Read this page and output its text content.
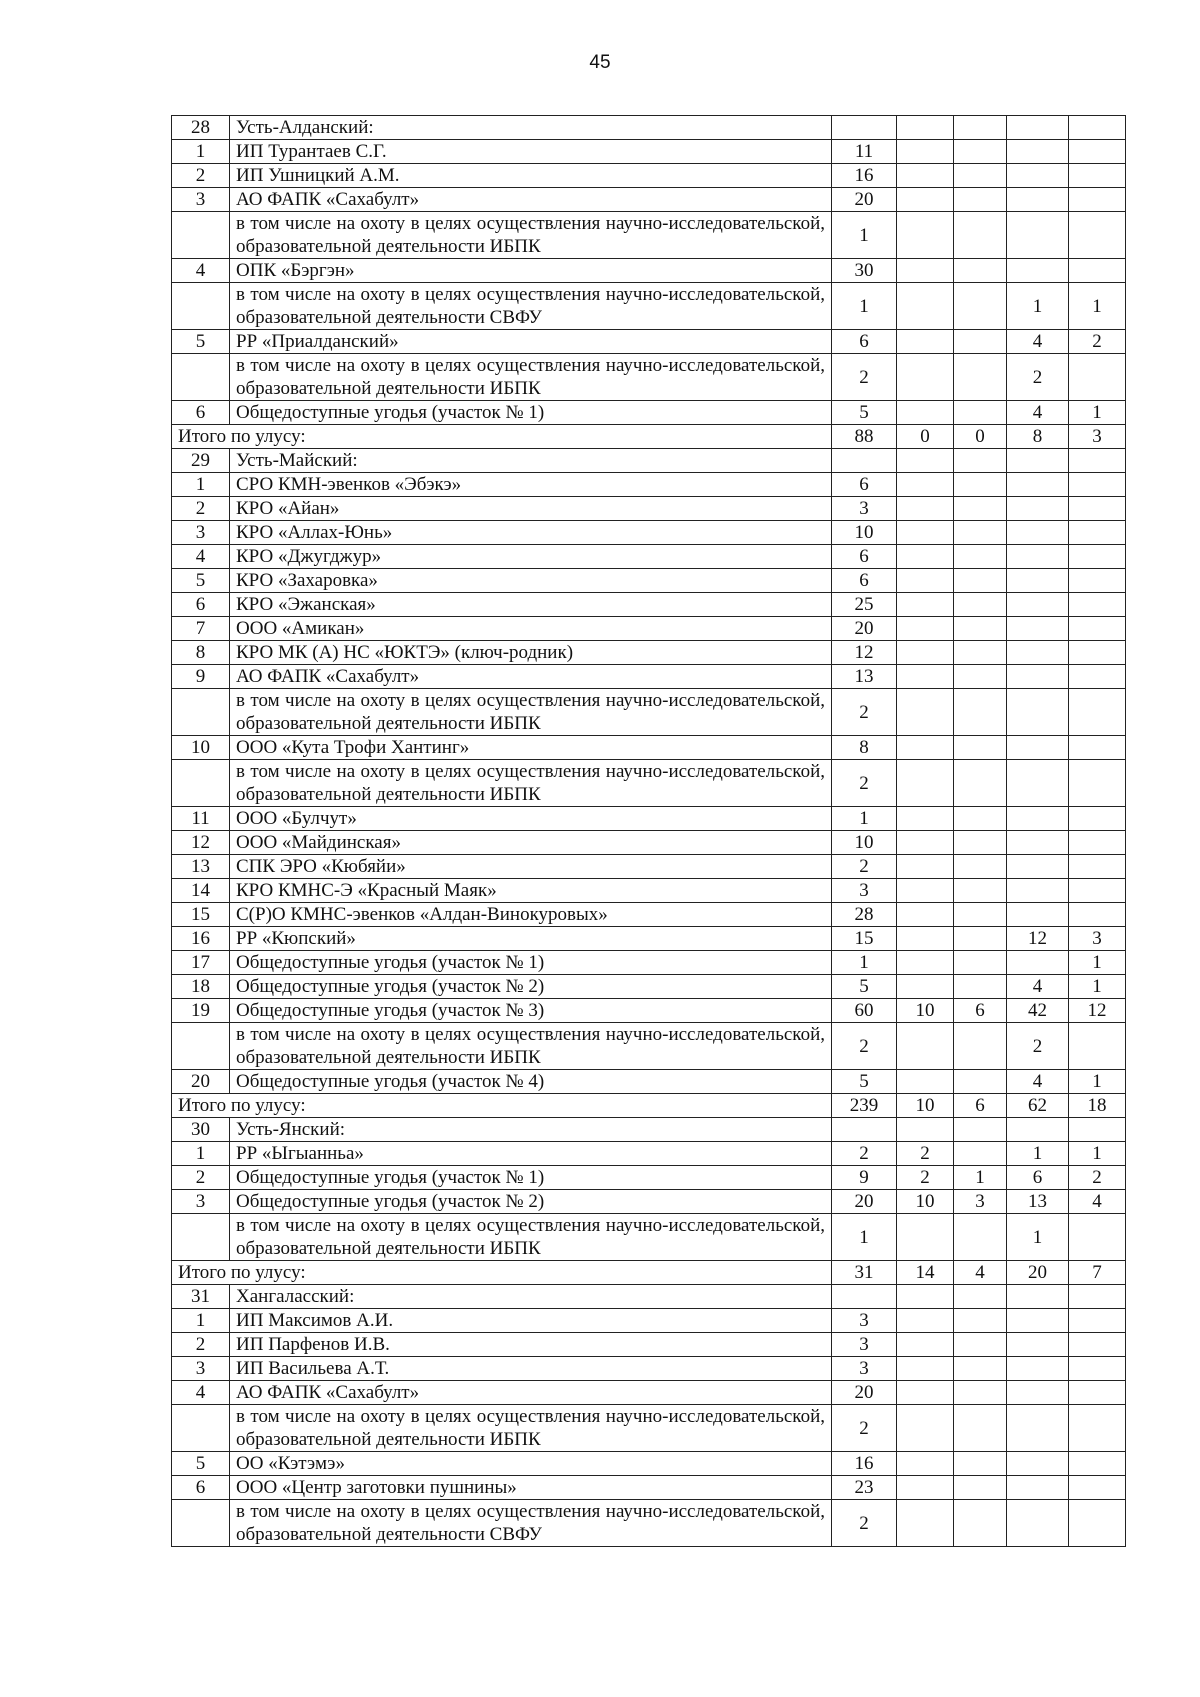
45
28	Усть-Алданский:					
1	ИП Турантаев С.Г.	11				
2	ИП Ушницкий А.М.	16				
3	АО ФАПК «Сахабулт»	20				
	в том числе на охоту в целях осуществления научно-исследовательской, образовательной деятельности ИБПК	1				
4	ОПК «Бэргэн»	30				
	в том числе на охоту в целях осуществления научно-исследовательской, образовательной деятельности СВФУ	1			1	1
5	РР «Приалданский»	6			4	2
	в том числе на охоту в целях осуществления научно-исследовательской, образовательной деятельности ИБПК	2			2	
6	Общедоступные угодья (участок № 1)	5			4	1
Итого по улусу:		88	0	0	8	3
29	Усть-Майский:					
1	СРО КМН-эвенков «Эбэкэ»	6				
2	КРО «Айан»	3				
3	КРО «Аллах-Юнь»	10				
4	КРО «Джугджур»	6				
5	КРО «Захаровка»	6				
6	КРО «Эжанская»	25				
7	ООО «Амикан»	20				
8	КРО МК (А) НС «ЮКТЭ» (ключ-родник)	12				
9	АО ФАПК «Сахабулт»	13				
	в том числе на охоту в целях осуществления научно-исследовательской, образовательной деятельности ИБПК	2				
10	ООО «Кута Трофи Хантинг»	8				
	в том числе на охоту в целях осуществления научно-исследовательской, образовательной деятельности ИБПК	2				
11	ООО «Булчут»	1				
12	ООО «Майдинская»	10				
13	СПК ЭРО «Кюбяйи»	2				
14	КРО КМНС-Э «Красный Маяк»	3				
15	С(Р)О КМНС-эвенков «Алдан-Винокуровых»	28				
16	РР «Кюпский»	15			12	3
17	Общедоступные угодья (участок № 1)	1				1
18	Общедоступные угодья (участок № 2)	5			4	1
19	Общедоступные угодья (участок № 3)	60	10	6	42	12
	в том числе на охоту в целях осуществления научно-исследовательской, образовательной деятельности ИБПК	2			2	
20	Общедоступные угодья (участок № 4)	5			4	1
Итого по улусу:		239	10	6	62	18
30	Усть-Янский:					
1	РР «Ыгыанньа»	2	2		1	1
2	Общедоступные угодья (участок № 1)	9	2	1	6	2
3	Общедоступные угодья (участок № 2)	20	10	3	13	4
	в том числе на охоту в целях осуществления научно-исследовательской, образовательной деятельности ИБПК	1			1	
Итого по улусу:		31	14	4	20	7
31	Хангаласский:					
1	ИП Максимов А.И.	3				
2	ИП Парфенов И.В.	3				
3	ИП Васильева А.Т.	3				
4	АО ФАПК «Сахабулт»	20				
	в том числе на охоту в целях осуществления научно-исследовательской, образовательной деятельности ИБПК	2				
5	ОО «Кэтэмэ»	16				
6	ООО «Центр заготовки пушнины»	23				
	в том числе на охоту в целях осуществления научно-исследовательской, образовательной деятельности СВФУ	2				
